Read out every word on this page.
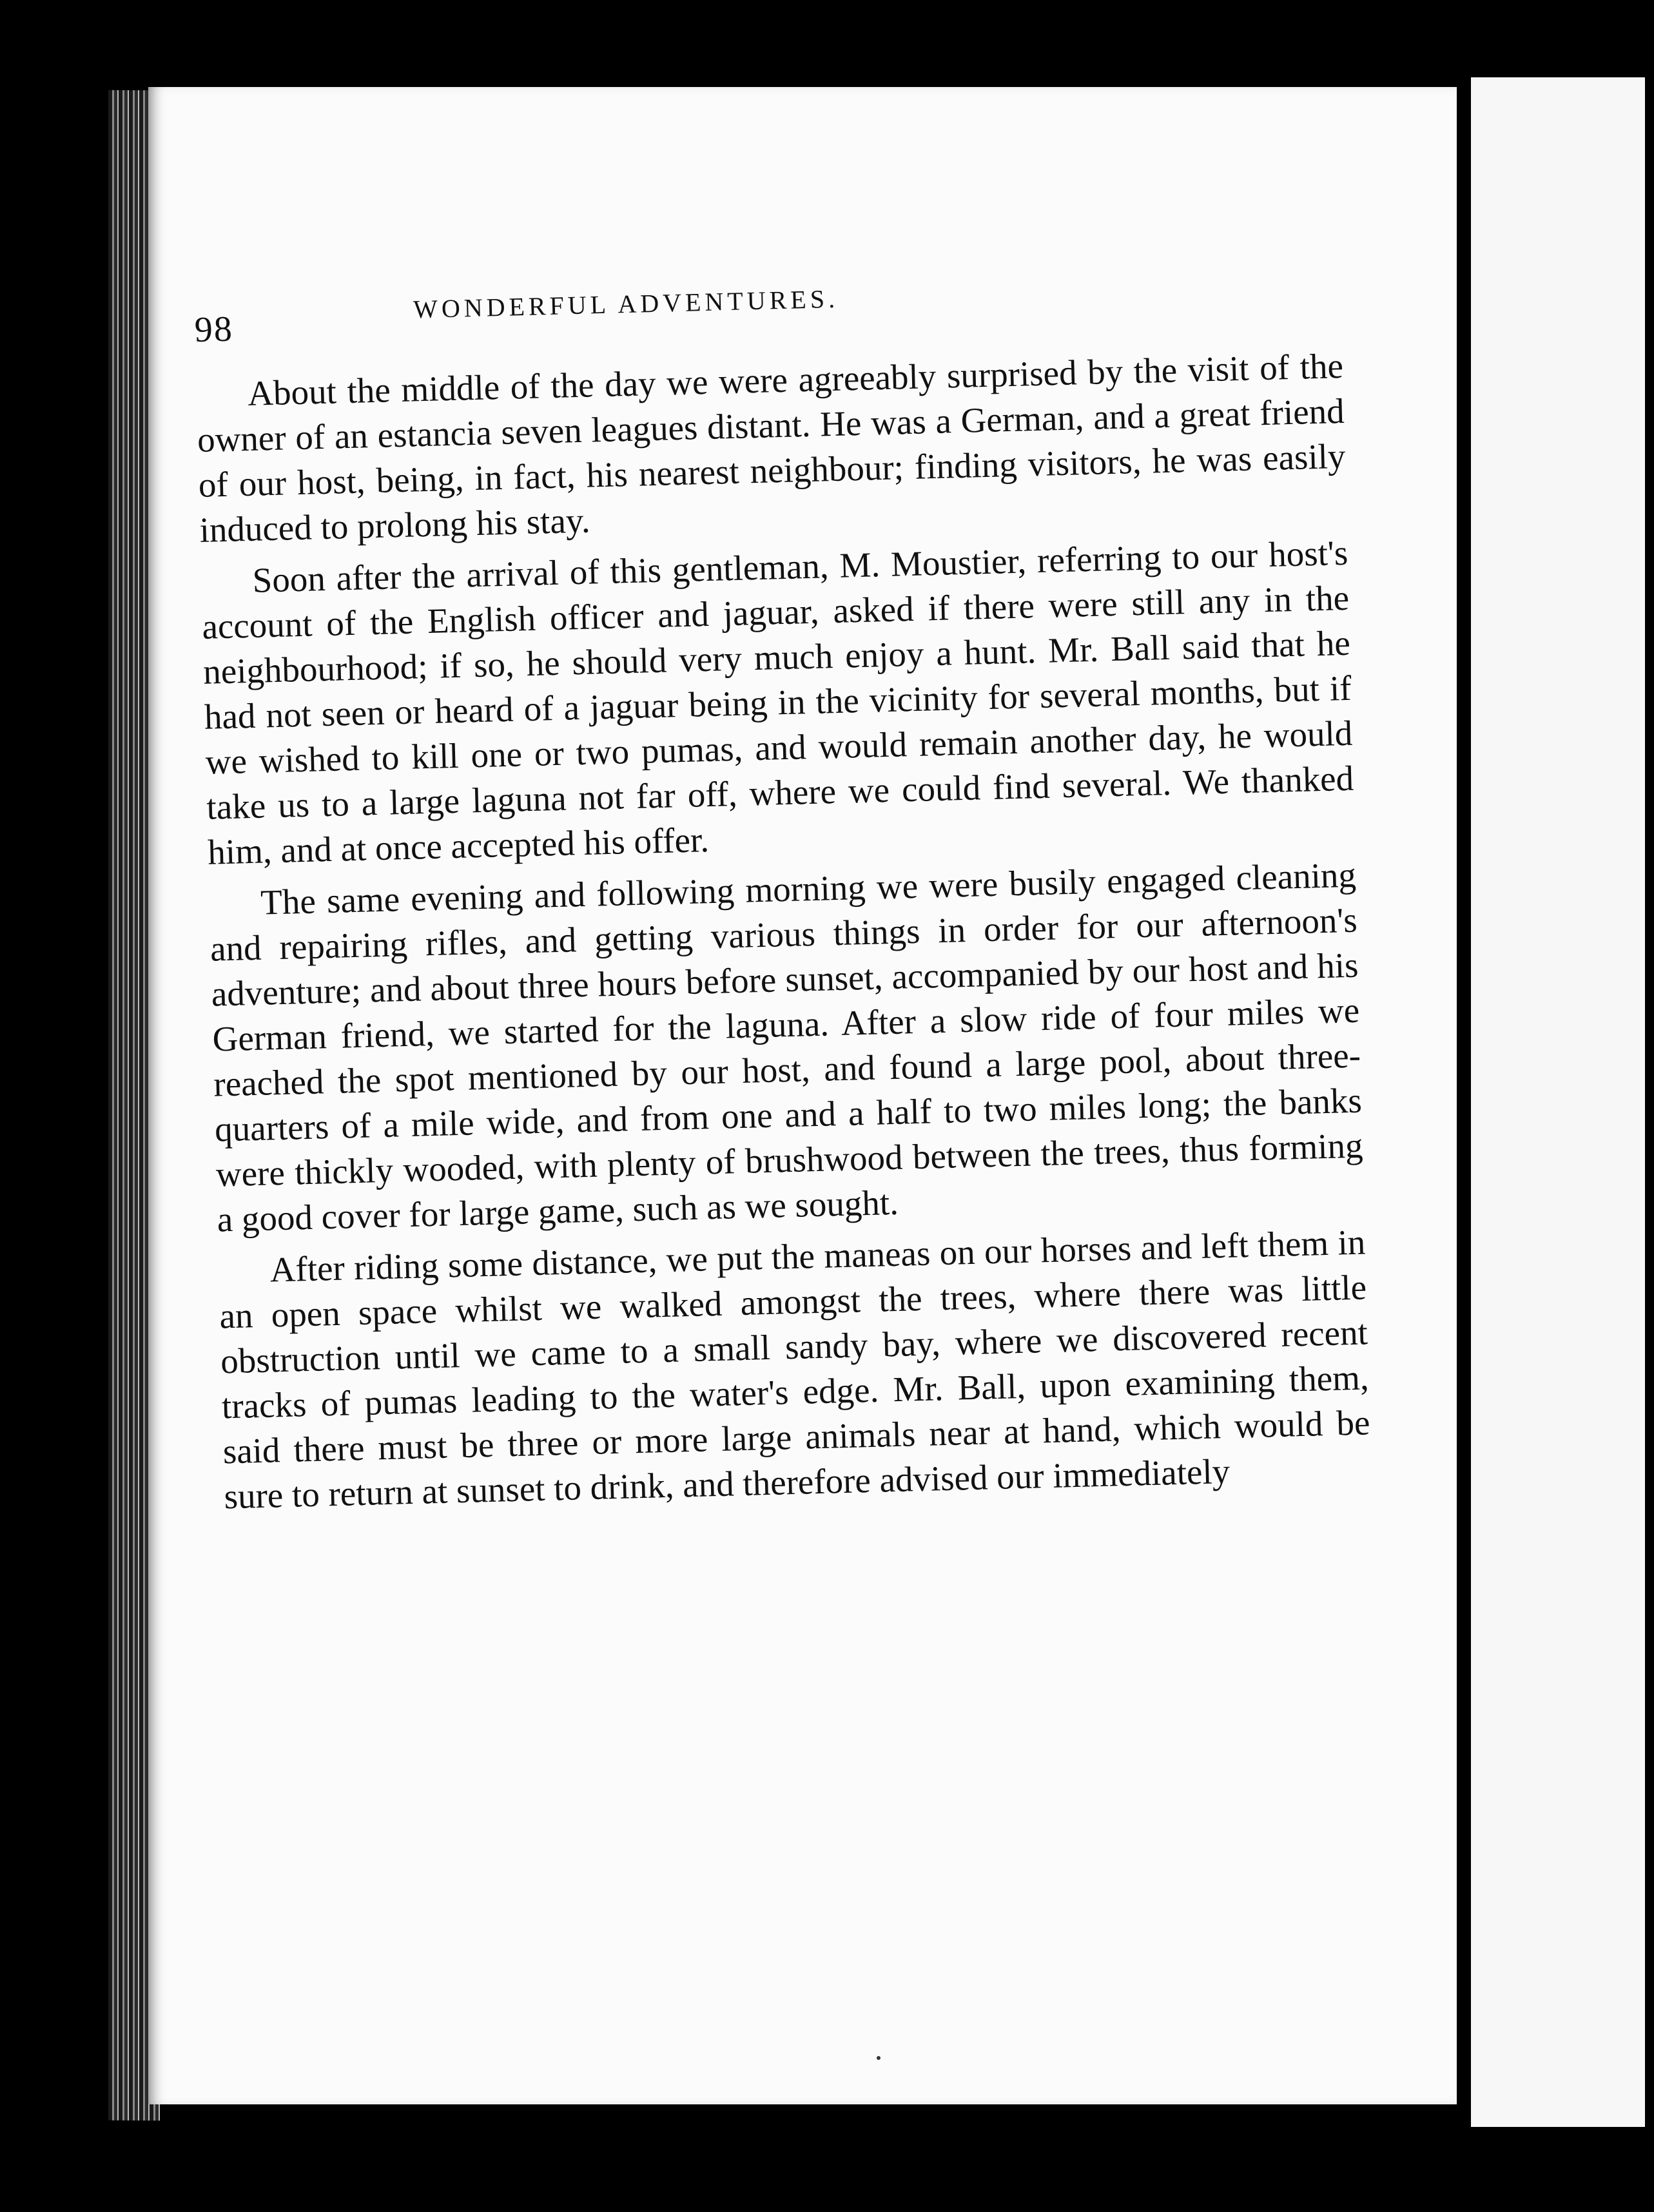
98
WONDERFUL ADVENTURES.

About the middle of the day we were agreeably surprised by the visit of the owner of an estancia seven leagues distant. He was a German, and a great friend of our host, being, in fact, his nearest neighbour; finding visitors, he was easily induced to prolong his stay.

Soon after the arrival of this gentleman, M. Moustier, referring to our host's account of the English officer and jaguar, asked if there were still any in the neighbourhood; if so, he should very much enjoy a hunt. Mr. Ball said that he had not seen or heard of a jaguar being in the vicinity for several months, but if we wished to kill one or two pumas, and would remain another day, he would take us to a large laguna not far off, where we could find several. We thanked him, and at once accepted his offer.

The same evening and following morning we were busily engaged cleaning and repairing rifles, and getting various things in order for our afternoon's adventure; and about three hours before sunset, accompanied by our host and his German friend, we started for the laguna. After a slow ride of four miles we reached the spot mentioned by our host, and found a large pool, about three-quarters of a mile wide, and from one and a half to two miles long; the banks were thickly wooded, with plenty of brushwood between the trees, thus forming a good cover for large game, such as we sought.

After riding some distance, we put the maneas on our horses and left them in an open space whilst we walked amongst the trees, where there was little obstruction until we came to a small sandy bay, where we discovered recent tracks of pumas leading to the water's edge. Mr. Ball, upon examining them, said there must be three or more large animals near at hand, which would be sure to return at sunset to drink, and therefore advised our immediately
